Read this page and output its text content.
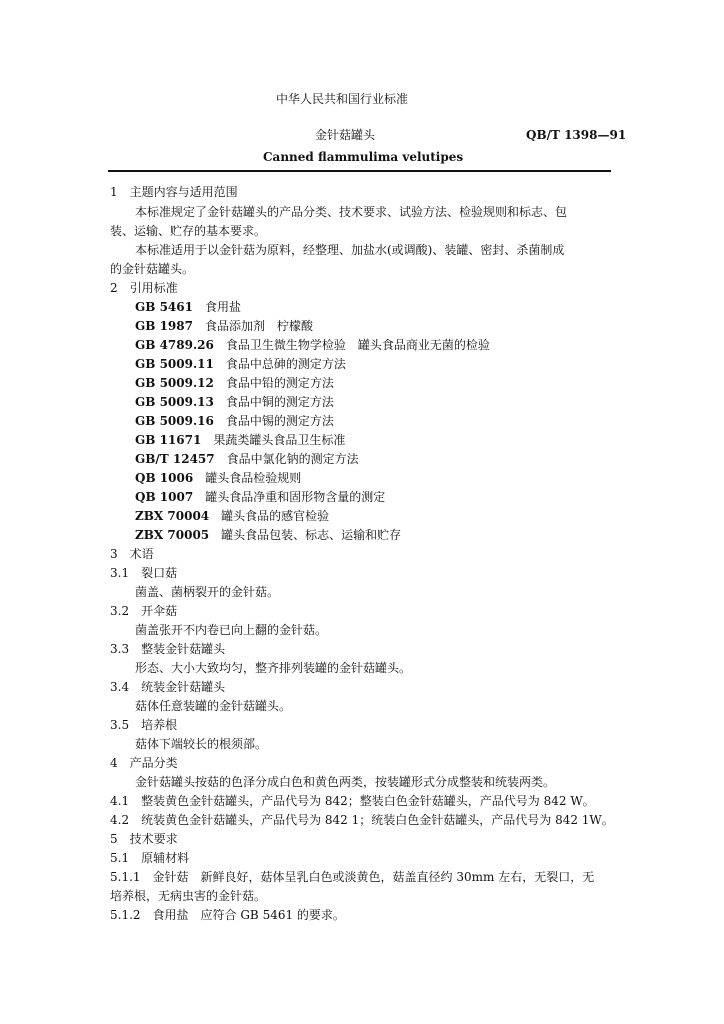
中华人民共和国行业标准
金针菇罐头	QB/T 1398—91
Canned flammulima velutipes
1　主题内容与适用范围
本标准规定了金针菇罐头的产品分类、技术要求、试验方法、检验规则和标志、包
装、运输、贮存的基本要求。
本标准适用于以金针菇为原料，经整理、加盐水(或调酸)、装罐、密封、杀菌制成
的金针菇罐头。
2　引用标准
GB 5461　 食用盐
GB 1987　 食品添加剂　柠檬酸
GB 4789.26　 食品卫生微生物学检验　罐头食品商业无菌的检验
GB 5009.11　 食品中总砷的测定方法
GB 5009.12　 食品中铅的测定方法
GB 5009.13　 食品中铜的测定方法
GB 5009.16　 食品中锡的测定方法
GB 11671　 果蔬类罐头食品卫生标准
GB/T 12457　 食品中氯化钠的测定方法
QB 1006　 罐头食品检验规则
QB 1007　 罐头食品净重和固形物含量的测定
ZBX 70004　 罐头食品的感官检验
ZBX 70005　 罐头食品包装、标志、运输和贮存
3　术语
3.1　裂口菇
菌盖、菌柄裂开的金针菇。
3.2　开伞菇
菌盖张开不内卷已向上翻的金针菇。
3.3　整装金针菇罐头
形态、大小大致均匀，整齐排列装罐的金针菇罐头。
3.4　统装金针菇罐头
菇体任意装罐的金针菇罐头。
3.5　培养根
菇体下端较长的根须部。
4　产品分类
金针菇罐头按菇的色泽分成白色和黄色两类，按装罐形式分成整装和统装两类。
4.1　整装黄色金针菇罐头，产品代号为 842；整装白色金针菇罐头，产品代号为 842 W。
4.2　统装黄色金针菇罐头，产品代号为 842 1；统装白色金针菇罐头，产品代号为 842 1W。
5　技术要求
5.1　原辅材料
5.1.1　金针菇　新鲜良好，菇体呈乳白色或淡黄色，菇盖直径约 30mm 左右，无裂口，无
培养根，无病虫害的金针菇。
5.1.2　食用盐　应符合 GB 5461 的要求。
